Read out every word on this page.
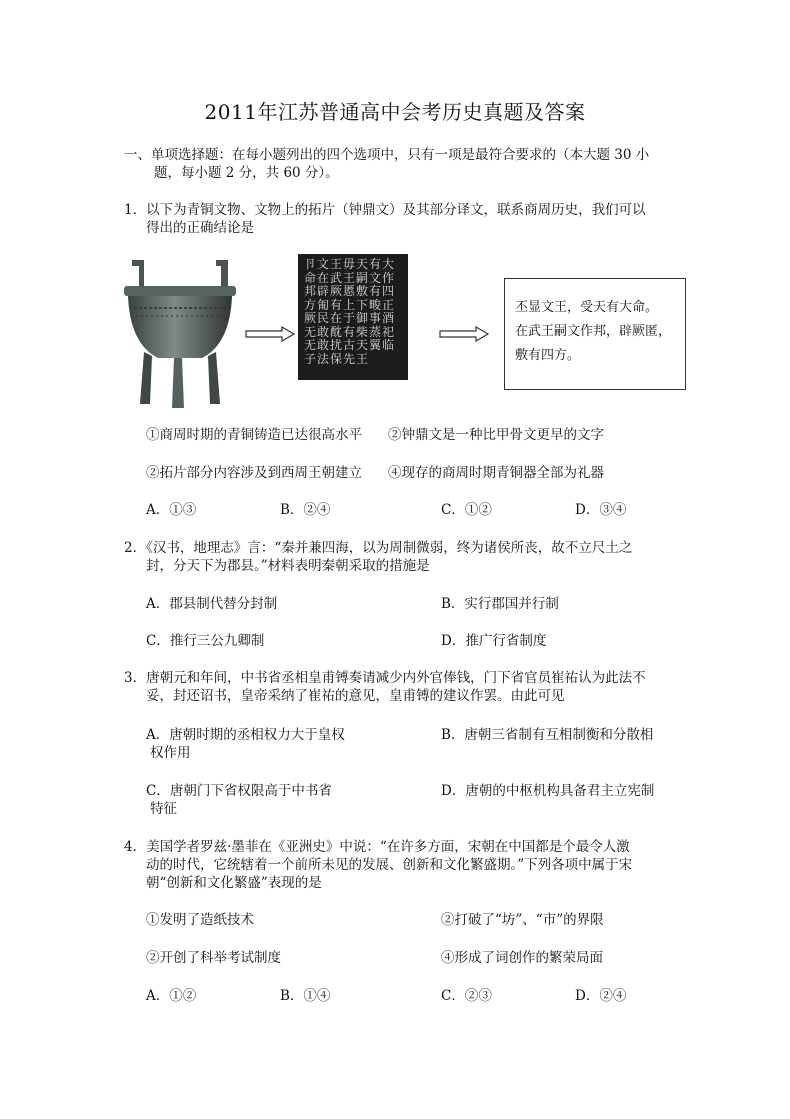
2011年江苏普通高中会考历史真题及答案
一、单项选择题：在每小题列出的四个选项中，只有一项是最符合要求的（本大题 30 小
题，每小题 2 分，共 60 分）。
1．以下为青铜文物、文物上的拓片（钟鼎文）及其部分译文，联系商周历史，我们可以
得出的正确结论是
卪文王毋天有大命在武王嗣文作邦辟厥慝敷有四方匍有上下畯正厥民在于御事酒无敢酖有柴蒸祀无敢扰古天翼临子法保先王
丕显文王，受天有大命。
在武王嗣文作邦，辟厥匿，
敷有四方。
①商周时期的青铜铸造已达很高水平 ②钟鼎文是一种比甲骨文更早的文字
②拓片部分内容涉及到西周王朝建立 ④现存的商周时期青铜器全部为礼器
A．①③	B．②④	C．①②	D．③④
2．《汉书，地理志》言：“秦并兼四海，以为周制微弱，终为诸侯所丧，故不立尺土之
封，分天下为郡县。”材料表明秦朝采取的措施是
A．郡县制代替分封制	B．实行郡国并行制
C．推行三公九卿制	D．推广行省制度
3．唐朝元和年间，中书省丞相皇甫镈奏请减少内外官俸钱，门下省官员崔祐认为此法不
妥，封还诏书，皇帝采纳了崔祐的意见，皇甫镈的建议作罢。由此可见
A．唐朝时期的丞相权力大于皇权	B．唐朝三省制有互相制衡和分散相
权作用
C．唐朝门下省权限高于中书省	D．唐朝的中枢机构具备君主立宪制
特征
4．美国学者罗兹·墨菲在《亚洲史》中说：“在许多方面，宋朝在中国都是个最令人激
动的时代，它统辖着一个前所未见的发展、创新和文化繁盛期。”下列各项中属于宋
朝“创新和文化繁盛”表现的是
①发明了造纸技术	②打破了“坊”、“市”的界限
②开创了科举考试制度	④形成了词创作的繁荣局面
A．①②	B．①④	C．②③	D．②④
